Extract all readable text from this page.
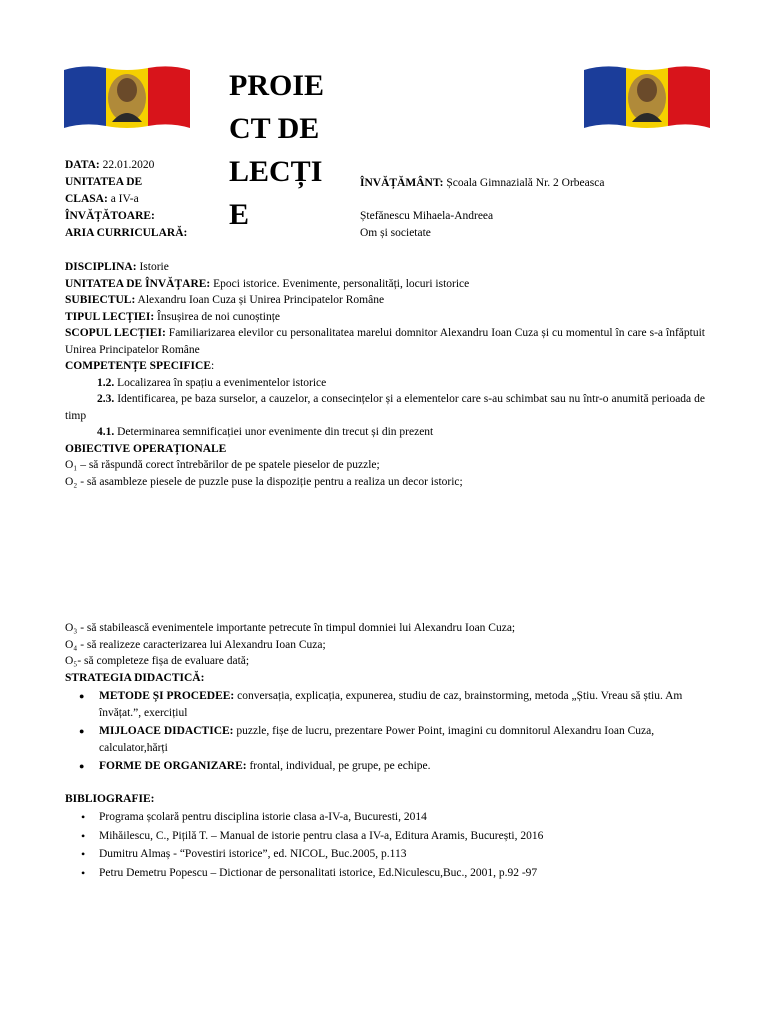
PROIE
CT DE
LECȚI
E
DATA: 22.01.2020
UNITATEA DE
CLASA: a IV-a
ÎNVĂȚĂTOARE:
ARIA CURRICULARĂ:
ÎNVĂȚĂMÂNT: Școala Gimnazială Nr. 2 Orbeasca
Ștefănescu Mihaela-Andreea
Om și societate
DISCIPLINA: Istorie
UNITATEA DE ÎNVĂȚARE: Epoci istorice. Evenimente, personalități, locuri istorice
SUBIECTUL: Alexandru Ioan Cuza și Unirea Principatelor Române
TIPUL LECȚIEI: Însușirea de noi cunoștințe
SCOPUL LECȚIEI: Familiarizarea elevilor cu personalitatea marelui domnitor Alexandru Ioan Cuza și cu momentul în care s-a înfăptuit Unirea Principatelor Române
COMPETENȚE SPECIFICE:
1.2. Localizarea în spațiu a evenimentelor istorice
2.3. Identificarea, pe baza surselor, a cauzelor, a consecințelor și a elementelor care s-au schimbat sau nu într-o anumită perioada de timp
4.1. Determinarea semnificației unor evenimente din trecut și din prezent
OBIECTIVE OPERAȚIONALE
O₁ – să răspundă corect întrebărilor de pe spatele pieselor de puzzle;
O₂ - să asambleze piesele de puzzle puse la dispoziție pentru a realiza un decor istoric;
O₃ - să stabilească evenimentele importante petrecute în timpul domniei lui Alexandru Ioan Cuza;
O₄ - să realizeze caracterizarea lui Alexandru Ioan Cuza;
O₅- să completeze fișa de evaluare dată;
STRATEGIA DIDACTICĂ:
● METODE ȘI PROCEDEE: conversația, explicația, expunerea, studiu de caz, brainstorming, metoda „Știu. Vreau să știu. Am învățat.”, exercițiul
● MIJLOACE DIDACTICE: puzzle, fișe de lucru, prezentare Power Point, imagini cu domnitorul Alexandru Ioan Cuza, calculator,hărți
● FORME DE ORGANIZARE: frontal, individual, pe grupe, pe echipe.
BIBLIOGRAFIE:
• Programa școlară pentru disciplina istorie clasa a-IV-a, Bucuresti, 2014
• Mihăilescu, C., Pițilă T. – Manual de istorie pentru clasa a IV-a, Editura Aramis, București, 2016
• Dumitru Almaș - “Povestiri istorice”, ed. NICOL, Buc.2005, p.113
• Petru Demetru Popescu – Dictionar de personalitati istorice, Ed.Niculescu,Buc., 2001, p.92 -97
